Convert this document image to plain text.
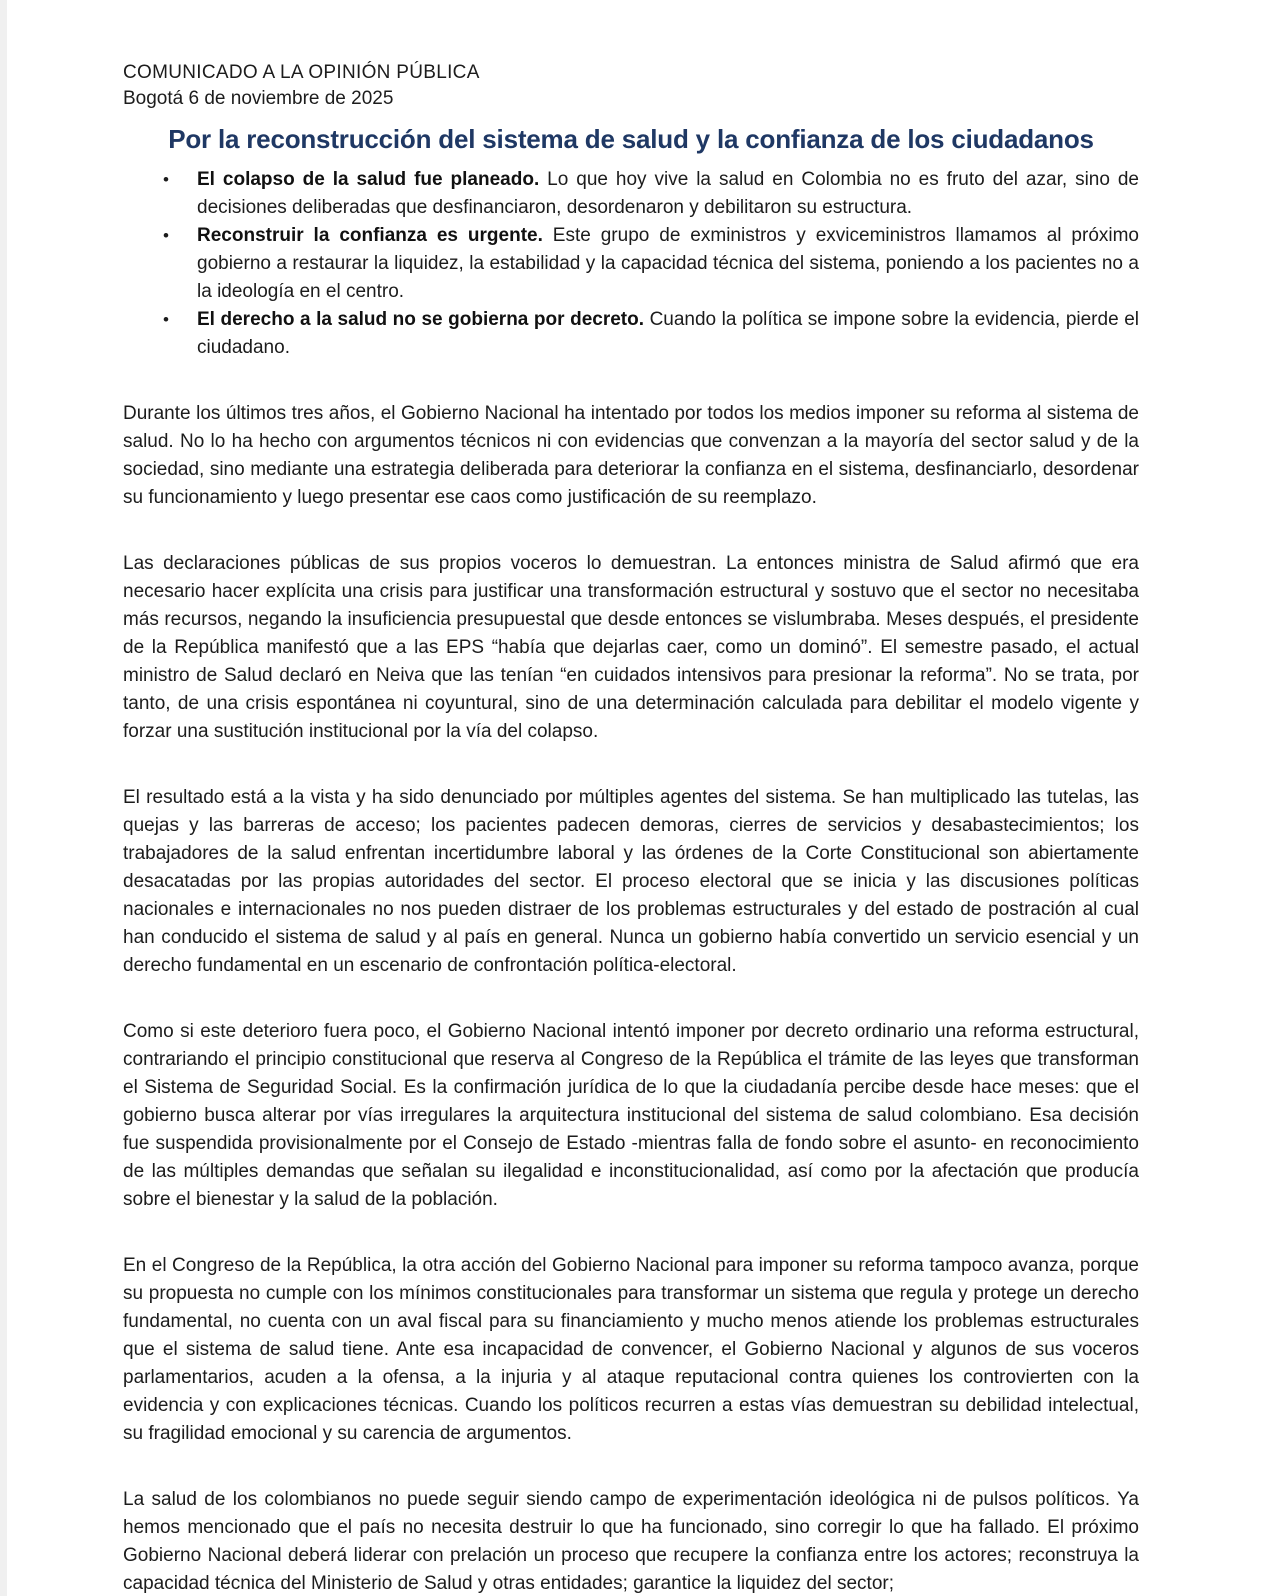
COMUNICADO A LA OPINIÓN PÚBLICA
Bogotá 6 de noviembre de 2025
Por la reconstrucción del sistema de salud y la confianza de los ciudadanos
• El colapso de la salud fue planeado. Lo que hoy vive la salud en Colombia no es fruto del azar, sino de decisiones deliberadas que desfinanciaron, desordenaron y debilitaron su estructura.
• Reconstruir la confianza es urgente. Este grupo de exministros y exviceministros llamamos al próximo gobierno a restaurar la liquidez, la estabilidad y la capacidad técnica del sistema, poniendo a los pacientes no a la ideología en el centro.
• El derecho a la salud no se gobierna por decreto. Cuando la política se impone sobre la evidencia, pierde el ciudadano.

Durante los últimos tres años, el Gobierno Nacional ha intentado por todos los medios imponer su reforma al sistema de salud. No lo ha hecho con argumentos técnicos ni con evidencias que convenzan a la mayoría del sector salud y de la sociedad, sino mediante una estrategia deliberada para deteriorar la confianza en el sistema, desfinanciarlo, desordenar su funcionamiento y luego presentar ese caos como justificación de su reemplazo.

Las declaraciones públicas de sus propios voceros lo demuestran. La entonces ministra de Salud afirmó que era necesario hacer explícita una crisis para justificar una transformación estructural y sostuvo que el sector no necesitaba más recursos, negando la insuficiencia presupuestal que desde entonces se vislumbraba. Meses después, el presidente de la República manifestó que a las EPS “había que dejarlas caer, como un dominó”. El semestre pasado, el actual ministro de Salud declaró en Neiva que las tenían “en cuidados intensivos para presionar la reforma”. No se trata, por tanto, de una crisis espontánea ni coyuntural, sino de una determinación calculada para debilitar el modelo vigente y forzar una sustitución institucional por la vía del colapso.

El resultado está a la vista y ha sido denunciado por múltiples agentes del sistema. Se han multiplicado las tutelas, las quejas y las barreras de acceso; los pacientes padecen demoras, cierres de servicios y desabastecimientos; los trabajadores de la salud enfrentan incertidumbre laboral y las órdenes de la Corte Constitucional son abiertamente desacatadas por las propias autoridades del sector. El proceso electoral que se inicia y las discusiones políticas nacionales e internacionales no nos pueden distraer de los problemas estructurales y del estado de postración al cual han conducido el sistema de salud y al país en general. Nunca un gobierno había convertido un servicio esencial y un derecho fundamental en un escenario de confrontación política-electoral.

Como si este deterioro fuera poco, el Gobierno Nacional intentó imponer por decreto ordinario una reforma estructural, contrariando el principio constitucional que reserva al Congreso de la República el trámite de las leyes que transforman el Sistema de Seguridad Social. Es la confirmación jurídica de lo que la ciudadanía percibe desde hace meses: que el gobierno busca alterar por vías irregulares la arquitectura institucional del sistema de salud colombiano. Esa decisión fue suspendida provisionalmente por el Consejo de Estado -mientras falla de fondo sobre el asunto- en reconocimiento de las múltiples demandas que señalan su ilegalidad e inconstitucionalidad, así como por la afectación que producía sobre el bienestar y la salud de la población.

En el Congreso de la República, la otra acción del Gobierno Nacional para imponer su reforma tampoco avanza, porque su propuesta no cumple con los mínimos constitucionales para transformar un sistema que regula y protege un derecho fundamental, no cuenta con un aval fiscal para su financiamiento y mucho menos atiende los problemas estructurales que el sistema de salud tiene. Ante esa incapacidad de convencer, el Gobierno Nacional y algunos de sus voceros parlamentarios, acuden a la ofensa, a la injuria y al ataque reputacional contra quienes los controvierten con la evidencia y con explicaciones técnicas. Cuando los políticos recurren a estas vías demuestran su debilidad intelectual, su fragilidad emocional y su carencia de argumentos.

La salud de los colombianos no puede seguir siendo campo de experimentación ideológica ni de pulsos políticos. Ya hemos mencionado que el país no necesita destruir lo que ha funcionado, sino corregir lo que ha fallado. El próximo Gobierno Nacional deberá liderar con prelación un proceso que recupere la confianza entre los actores; reconstruya la capacidad técnica del Ministerio de Salud y otras entidades; garantice la liquidez del sector;
